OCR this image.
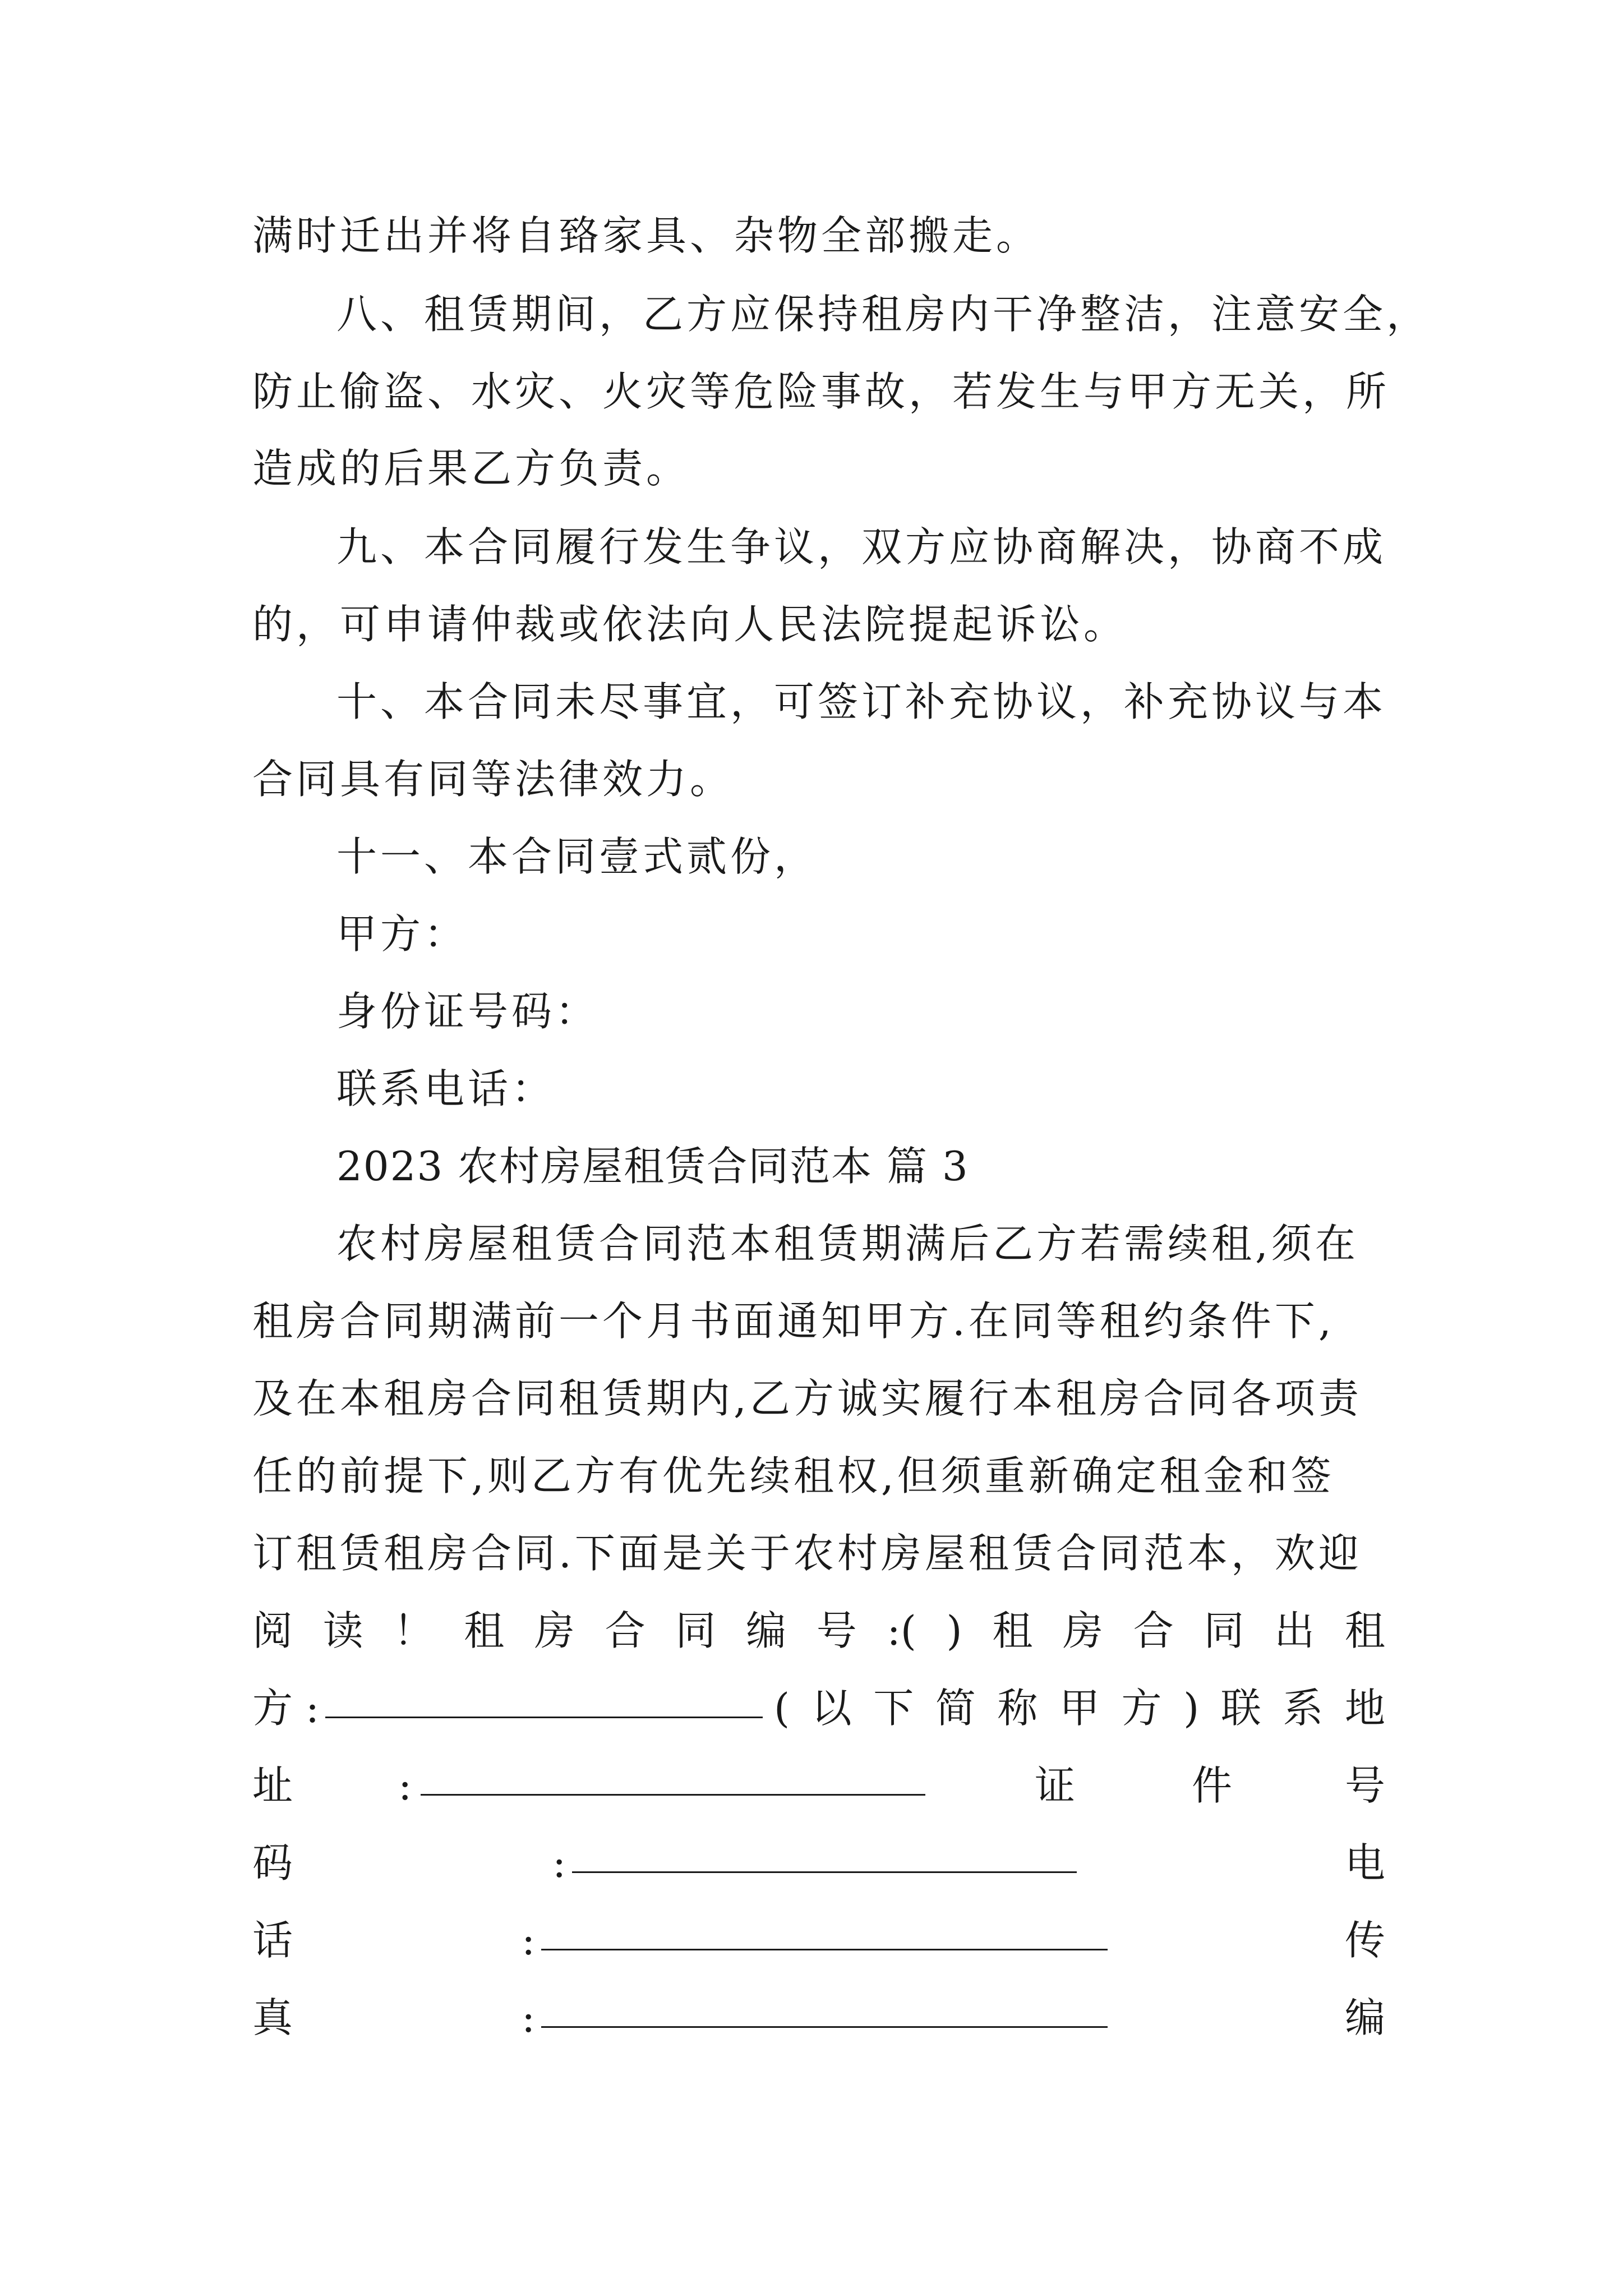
满时迁出并将自臵家具、杂物全部搬走。
八、租赁期间，乙方应保持租房内干净整洁，注意安全，
防止偷盗、水灾、火灾等危险事故，若发生与甲方无关，所
造成的后果乙方负责。
九、本合同履行发生争议，双方应协商解决，协商不成
的，可申请仲裁或依法向人民法院提起诉讼。
十、本合同未尽事宜，可签订补充协议，补充协议与本
合同具有同等法律效力。
十一、本合同壹式贰份，
甲方：
身份证号码：
联系电话：
2023 农村房屋租赁合同范本 篇 3
农村房屋租赁合同范本租赁期满后乙方若需续租,须在
租房合同期满前一个月书面通知甲方.在同等租约条件下,
及在本租房合同租赁期内,乙方诚实履行本租房合同各项责
任的前提下,则乙方有优先续租权,但须重新确定租金和签
订租赁租房合同.下面是关于农村房屋租赁合同范本，欢迎
阅 读 ！ 租 房 合 同 编 号 :( ) 租 房 合 同 出 租
方 :	( 以 下 简 称 甲 方 ) 联 系 地
址	:	证	件	号
码	:	电
话	:	传
真	:	编
